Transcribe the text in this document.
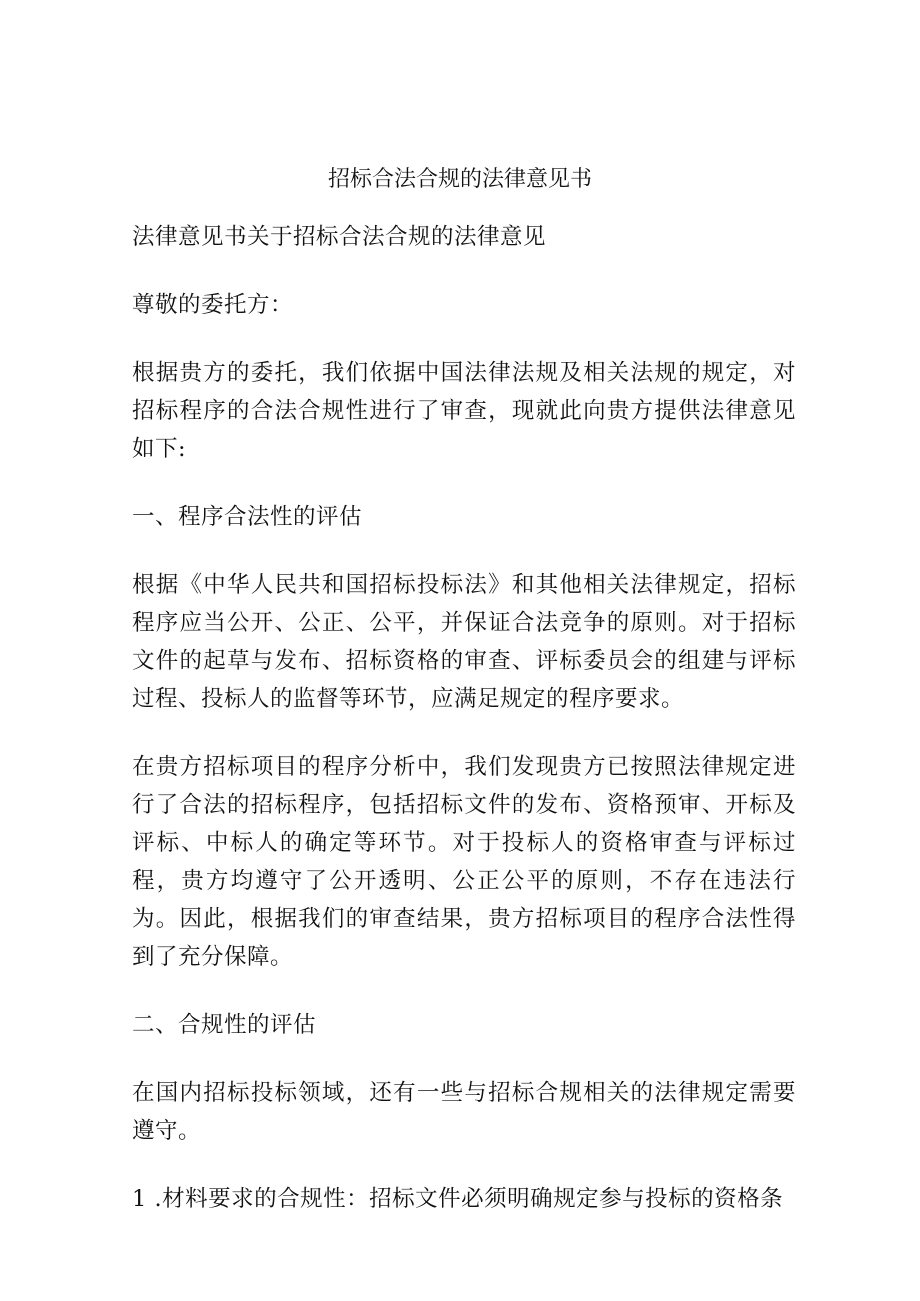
招标合法合规的法律意见书

法律意见书关于招标合法合规的法律意见

尊敬的委托方：

根据贵方的委托，我们依据中国法律法规及相关法规的规定，对招标程序的合法合规性进行了审查，现就此向贵方提供法律意见如下:

一、程序合法性的评估

根据《中华人民共和国招标投标法》和其他相关法律规定，招标程序应当公开、公正、公平，并保证合法竞争的原则。对于招标文件的起草与发布、招标资格的审查、评标委员会的组建与评标过程、投标人的监督等环节，应满足规定的程序要求。

在贵方招标项目的程序分析中，我们发现贵方已按照法律规定进行了合法的招标程序，包括招标文件的发布、资格预审、开标及评标、中标人的确定等环节。对于投标人的资格审查与评标过程，贵方均遵守了公开透明、公正公平的原则，不存在违法行为。因此，根据我们的审查结果，贵方招标项目的程序合法性得到了充分保障。

二、合规性的评估

在国内招标投标领域，还有一些与招标合规相关的法律规定需要遵守。

1 .材料要求的合规性：招标文件必须明确规定参与投标的资格条
